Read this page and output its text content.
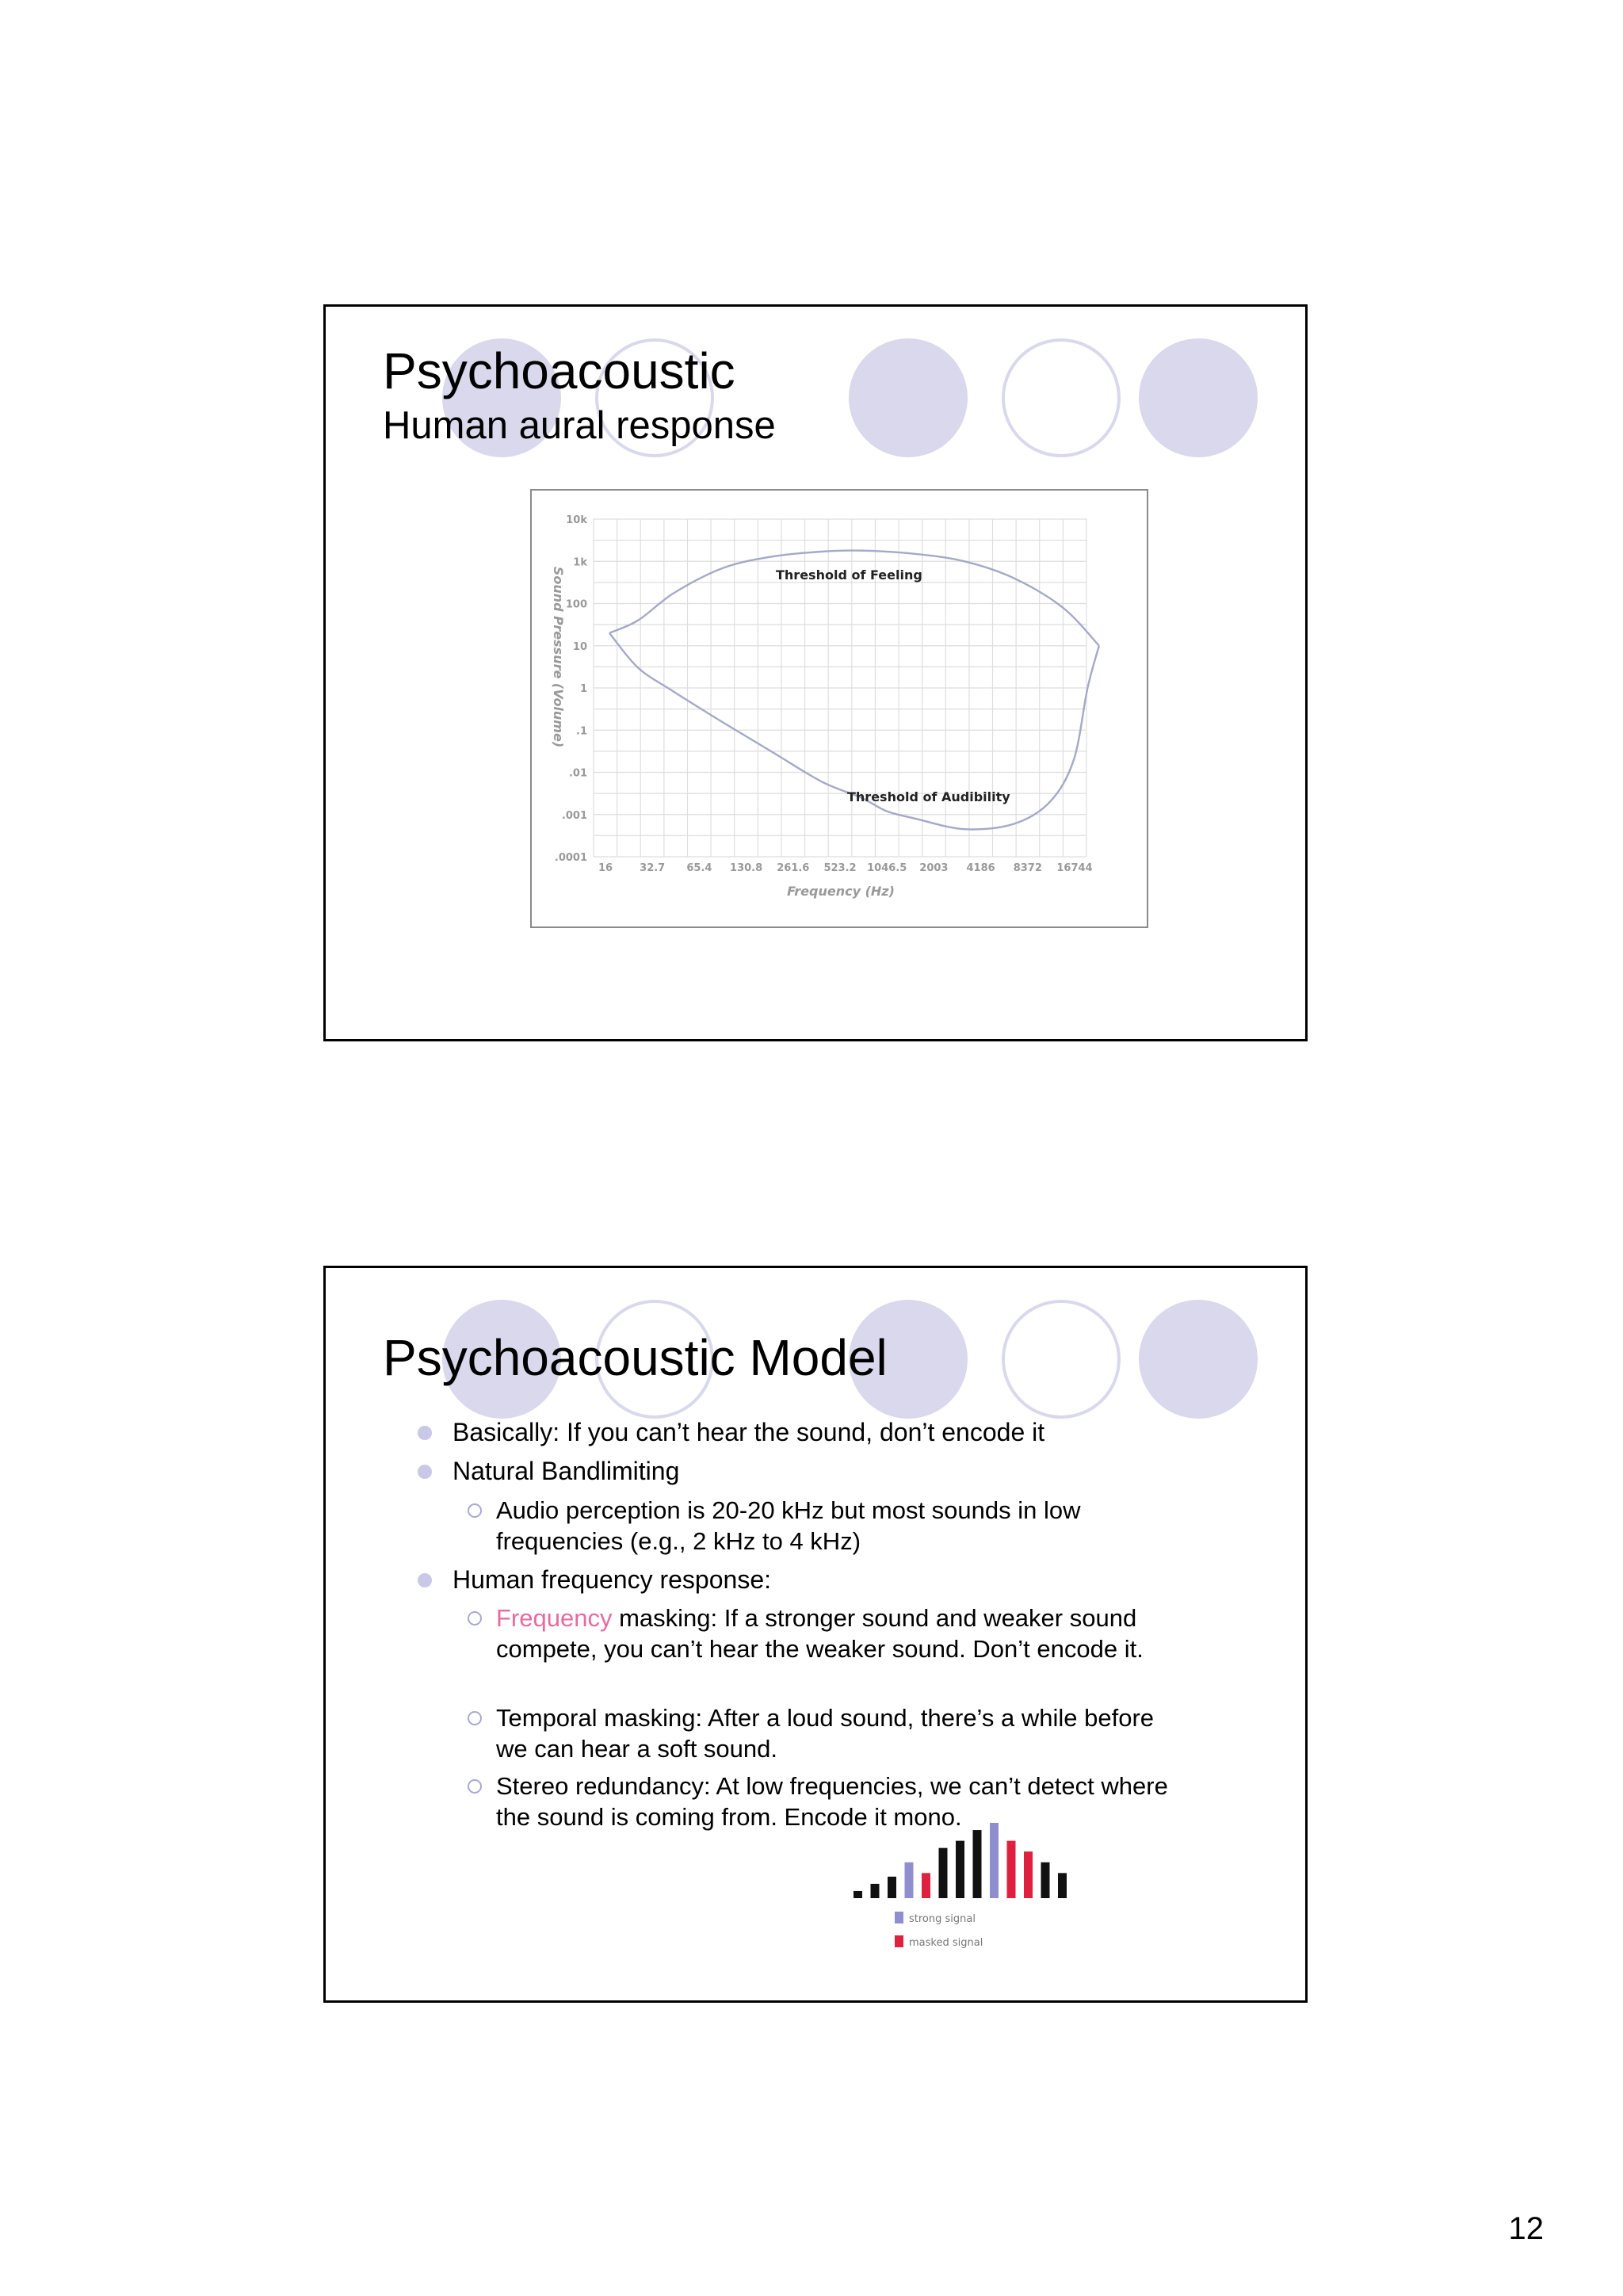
Psychoacoustic
Human aural response
10k
1k
100
10
1
.1
.01
.001
.0001
16	32.7 65.4 130.8 261.6 523.2 1046.5 2003 4186 8372 16744
Sound Pressure (Volume)
Frequency (Hz)
Threshold of Feeling
Threshold of Audibility
Psychoacoustic Model
Basically: If you can’t hear the sound, don’t encode it
Natural Bandlimiting
Audio perception is 20-20 kHz but most sounds in low frequencies (e.g., 2 kHz to 4 kHz)
Human frequency response:
Frequency masking: If a stronger sound and weaker sound compete, you can’t hear the weaker sound. Don’t encode it.
Temporal masking: After a loud sound, there’s a while before we can hear a soft sound.
Stereo redundancy: At low frequencies, we can’t detect where the sound is coming from. Encode it mono.
strong signal
masked signal
12
